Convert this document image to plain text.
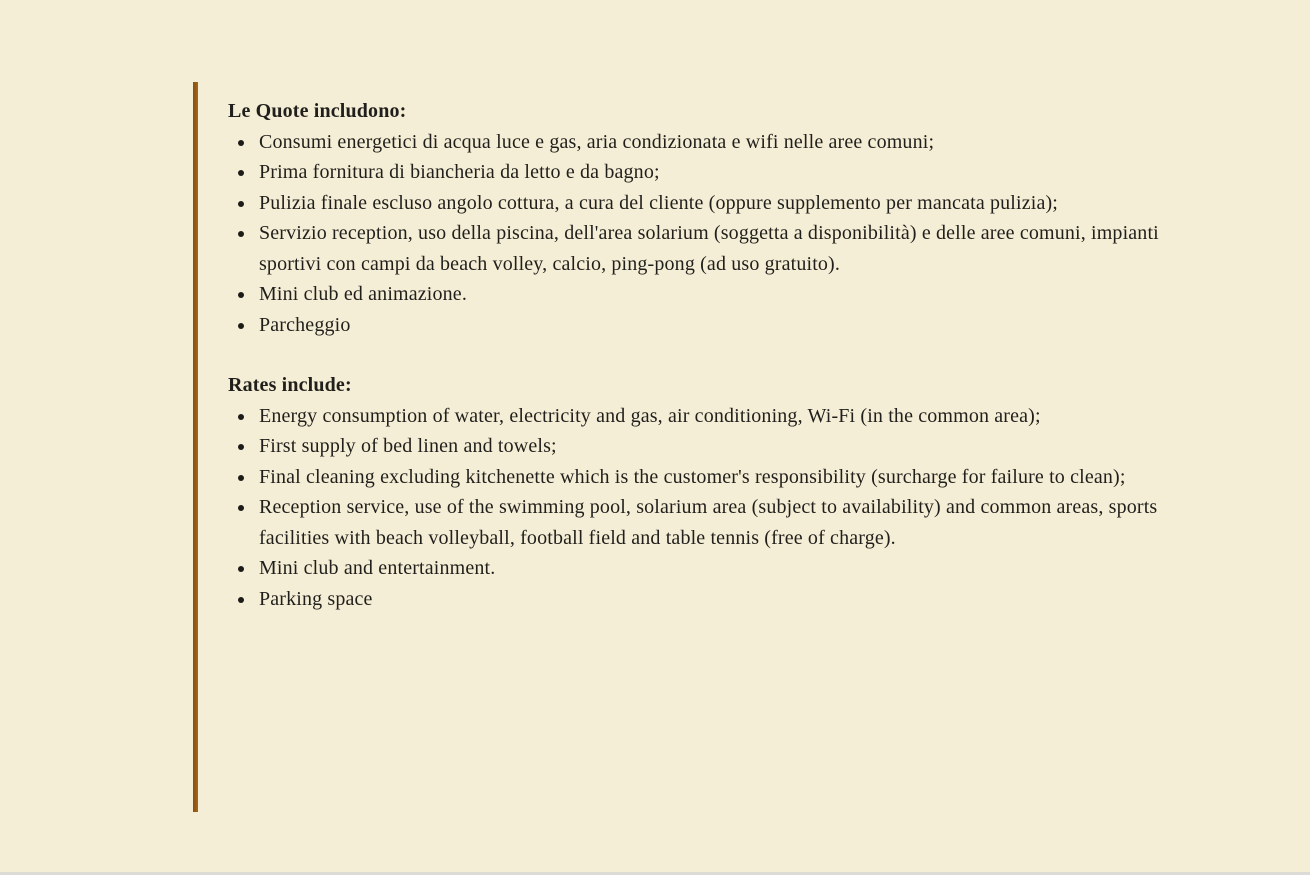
Le Quote includono:

Consumi energetici di acqua luce e gas, aria condizionata e wifi nelle aree comuni;
Prima fornitura di biancheria da letto e da bagno;
Pulizia finale escluso angolo cottura, a cura del cliente (oppure supplemento per mancata pulizia);
Servizio reception, uso della piscina, dell'area solarium (soggetta a disponibilità) e delle aree comuni, impianti sportivi con campi da beach volley, calcio, ping-pong (ad uso gratuito).
Mini club ed animazione.
Parcheggio

Rates include:

Energy consumption of water, electricity and gas, air conditioning, Wi-Fi (in the common area);
First supply of bed linen and towels;
Final cleaning excluding kitchenette which is the customer's responsibility (surcharge for failure to clean);
Reception service, use of the swimming pool, solarium area (subject to availability) and common areas, sports facilities with beach volleyball, football field and table tennis (free of charge).
Mini club and entertainment.
Parking space
